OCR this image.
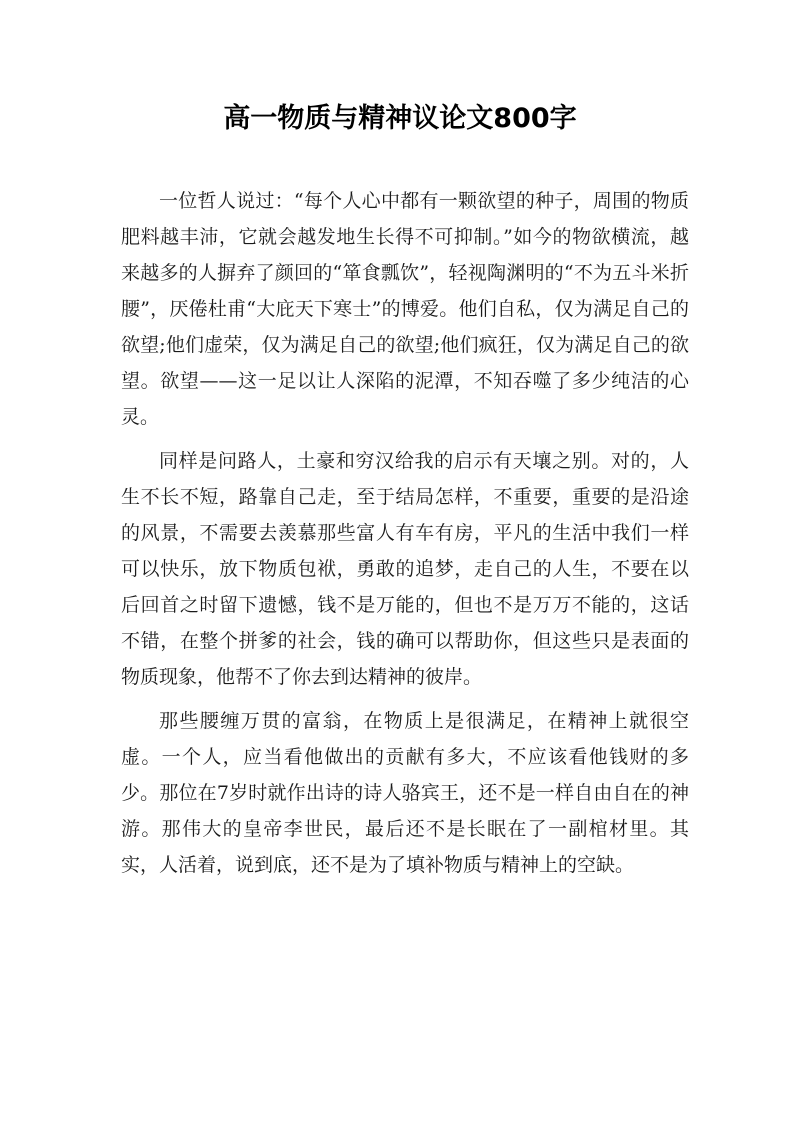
高一物质与精神议论文800字

一位哲人说过：“每个人心中都有一颗欲望的种子，周围的物质肥料越丰沛，它就会越发地生长得不可抑制。”如今的物欲横流，越来越多的人摒弃了颜回的“箪食瓢饮”，轻视陶渊明的“不为五斗米折腰”，厌倦杜甫“大庇天下寒士”的博爱。他们自私，仅为满足自己的欲望;他们虚荣，仅为满足自己的欲望;他们疯狂，仅为满足自己的欲望。欲望——这一足以让人深陷的泥潭，不知吞噬了多少纯洁的心灵。

同样是问路人，土豪和穷汉给我的启示有天壤之别。对的，人生不长不短，路靠自己走，至于结局怎样，不重要，重要的是沿途的风景，不需要去羡慕那些富人有车有房，平凡的生活中我们一样可以快乐，放下物质包袱，勇敢的追梦，走自己的人生，不要在以后回首之时留下遗憾，钱不是万能的，但也不是万万不能的，这话不错，在整个拼爹的社会，钱的确可以帮助你，但这些只是表面的物质现象，他帮不了你去到达精神的彼岸。

那些腰缠万贯的富翁，在物质上是很满足，在精神上就很空虚。一个人，应当看他做出的贡献有多大，不应该看他钱财的多少。那位在7岁时就作出诗的诗人骆宾王，还不是一样自由自在的神游。那伟大的皇帝李世民，最后还不是长眠在了一副棺材里。其实，人活着，说到底，还不是为了填补物质与精神上的空缺。
